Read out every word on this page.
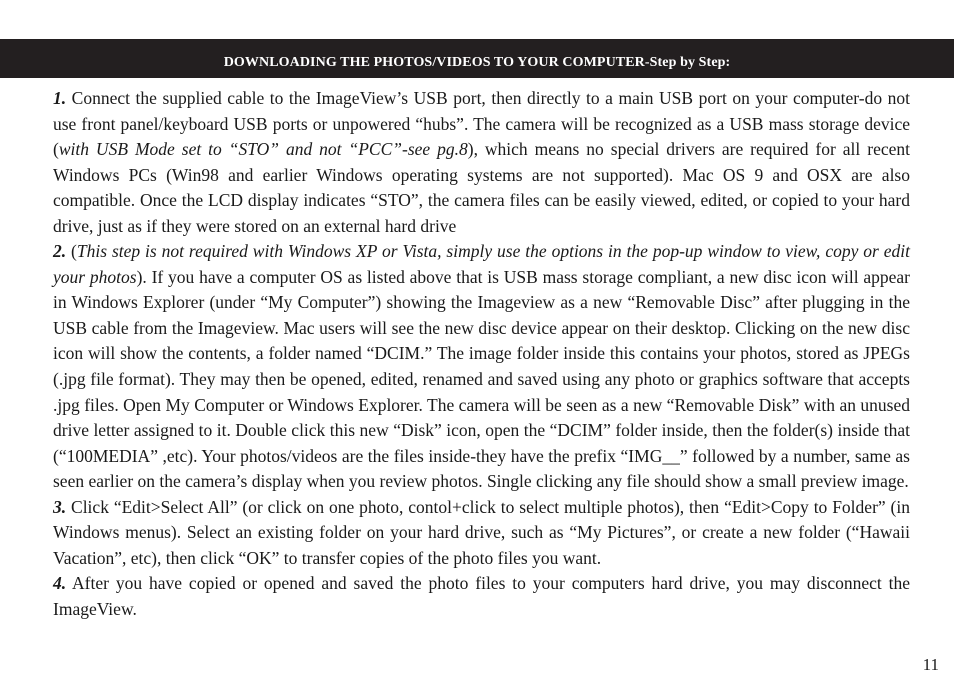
DOWNLOADING THE PHOTOS/VIDEOS TO YOUR COMPUTER-Step by Step:

1. Connect the supplied cable to the ImageView’s USB port, then directly to a main USB port on your computer-do not use front panel/keyboard USB ports or unpowered “hubs”. The camera will be recognized as a USB mass storage device (with USB Mode set to “STO” and not “PCC”-see pg.8), which means no special drivers are required for all recent Windows PCs (Win98 and earlier Windows operating systems are not supported). Mac OS 9 and OSX are also compatible. Once the LCD display indicates “STO”, the camera files can be easily viewed, edited, or copied to your hard drive, just as if they were stored on an external hard drive

2. (This step is not required with Windows XP or Vista, simply use the options in the pop-up window to view, copy or edit your photos). If you have a computer OS as listed above that is USB mass storage compliant, a new disc icon will appear in Windows Explorer (under “My Computer”) showing the Imageview as a new “Removable Disc” after plugging in the USB cable from the Imageview. Mac users will see the new disc device appear on their desktop. Clicking on the new disc icon will show the contents, a folder named “DCIM.” The image folder inside this contains your photos, stored as JPEGs (.jpg file format). They may then be opened, edited, renamed and saved using any photo or graphics software that accepts .jpg files. Open My Computer or Windows Explorer. The camera will be seen as a new “Removable Disk” with an unused drive letter assigned to it. Double click this new “Disk” icon, open the “DCIM” folder inside, then the folder(s) inside that (“100MEDIA” ,etc). Your photos/videos are the files inside-they have the prefix “IMG__” followed by a number, same as seen earlier on the camera’s display when you review photos. Single clicking any file should show a small preview image.

3. Click “Edit>Select All” (or click on one photo, contol+click to select multiple photos), then “Edit>Copy to Folder” (in Windows menus). Select an existing folder on your hard drive, such as “My Pictures”, or create a new folder (“Hawaii Vacation”, etc), then click “OK” to transfer copies of the photo files you want.

4. After you have copied or opened and saved the photo files to your computers hard drive, you may disconnect the ImageView.

11
